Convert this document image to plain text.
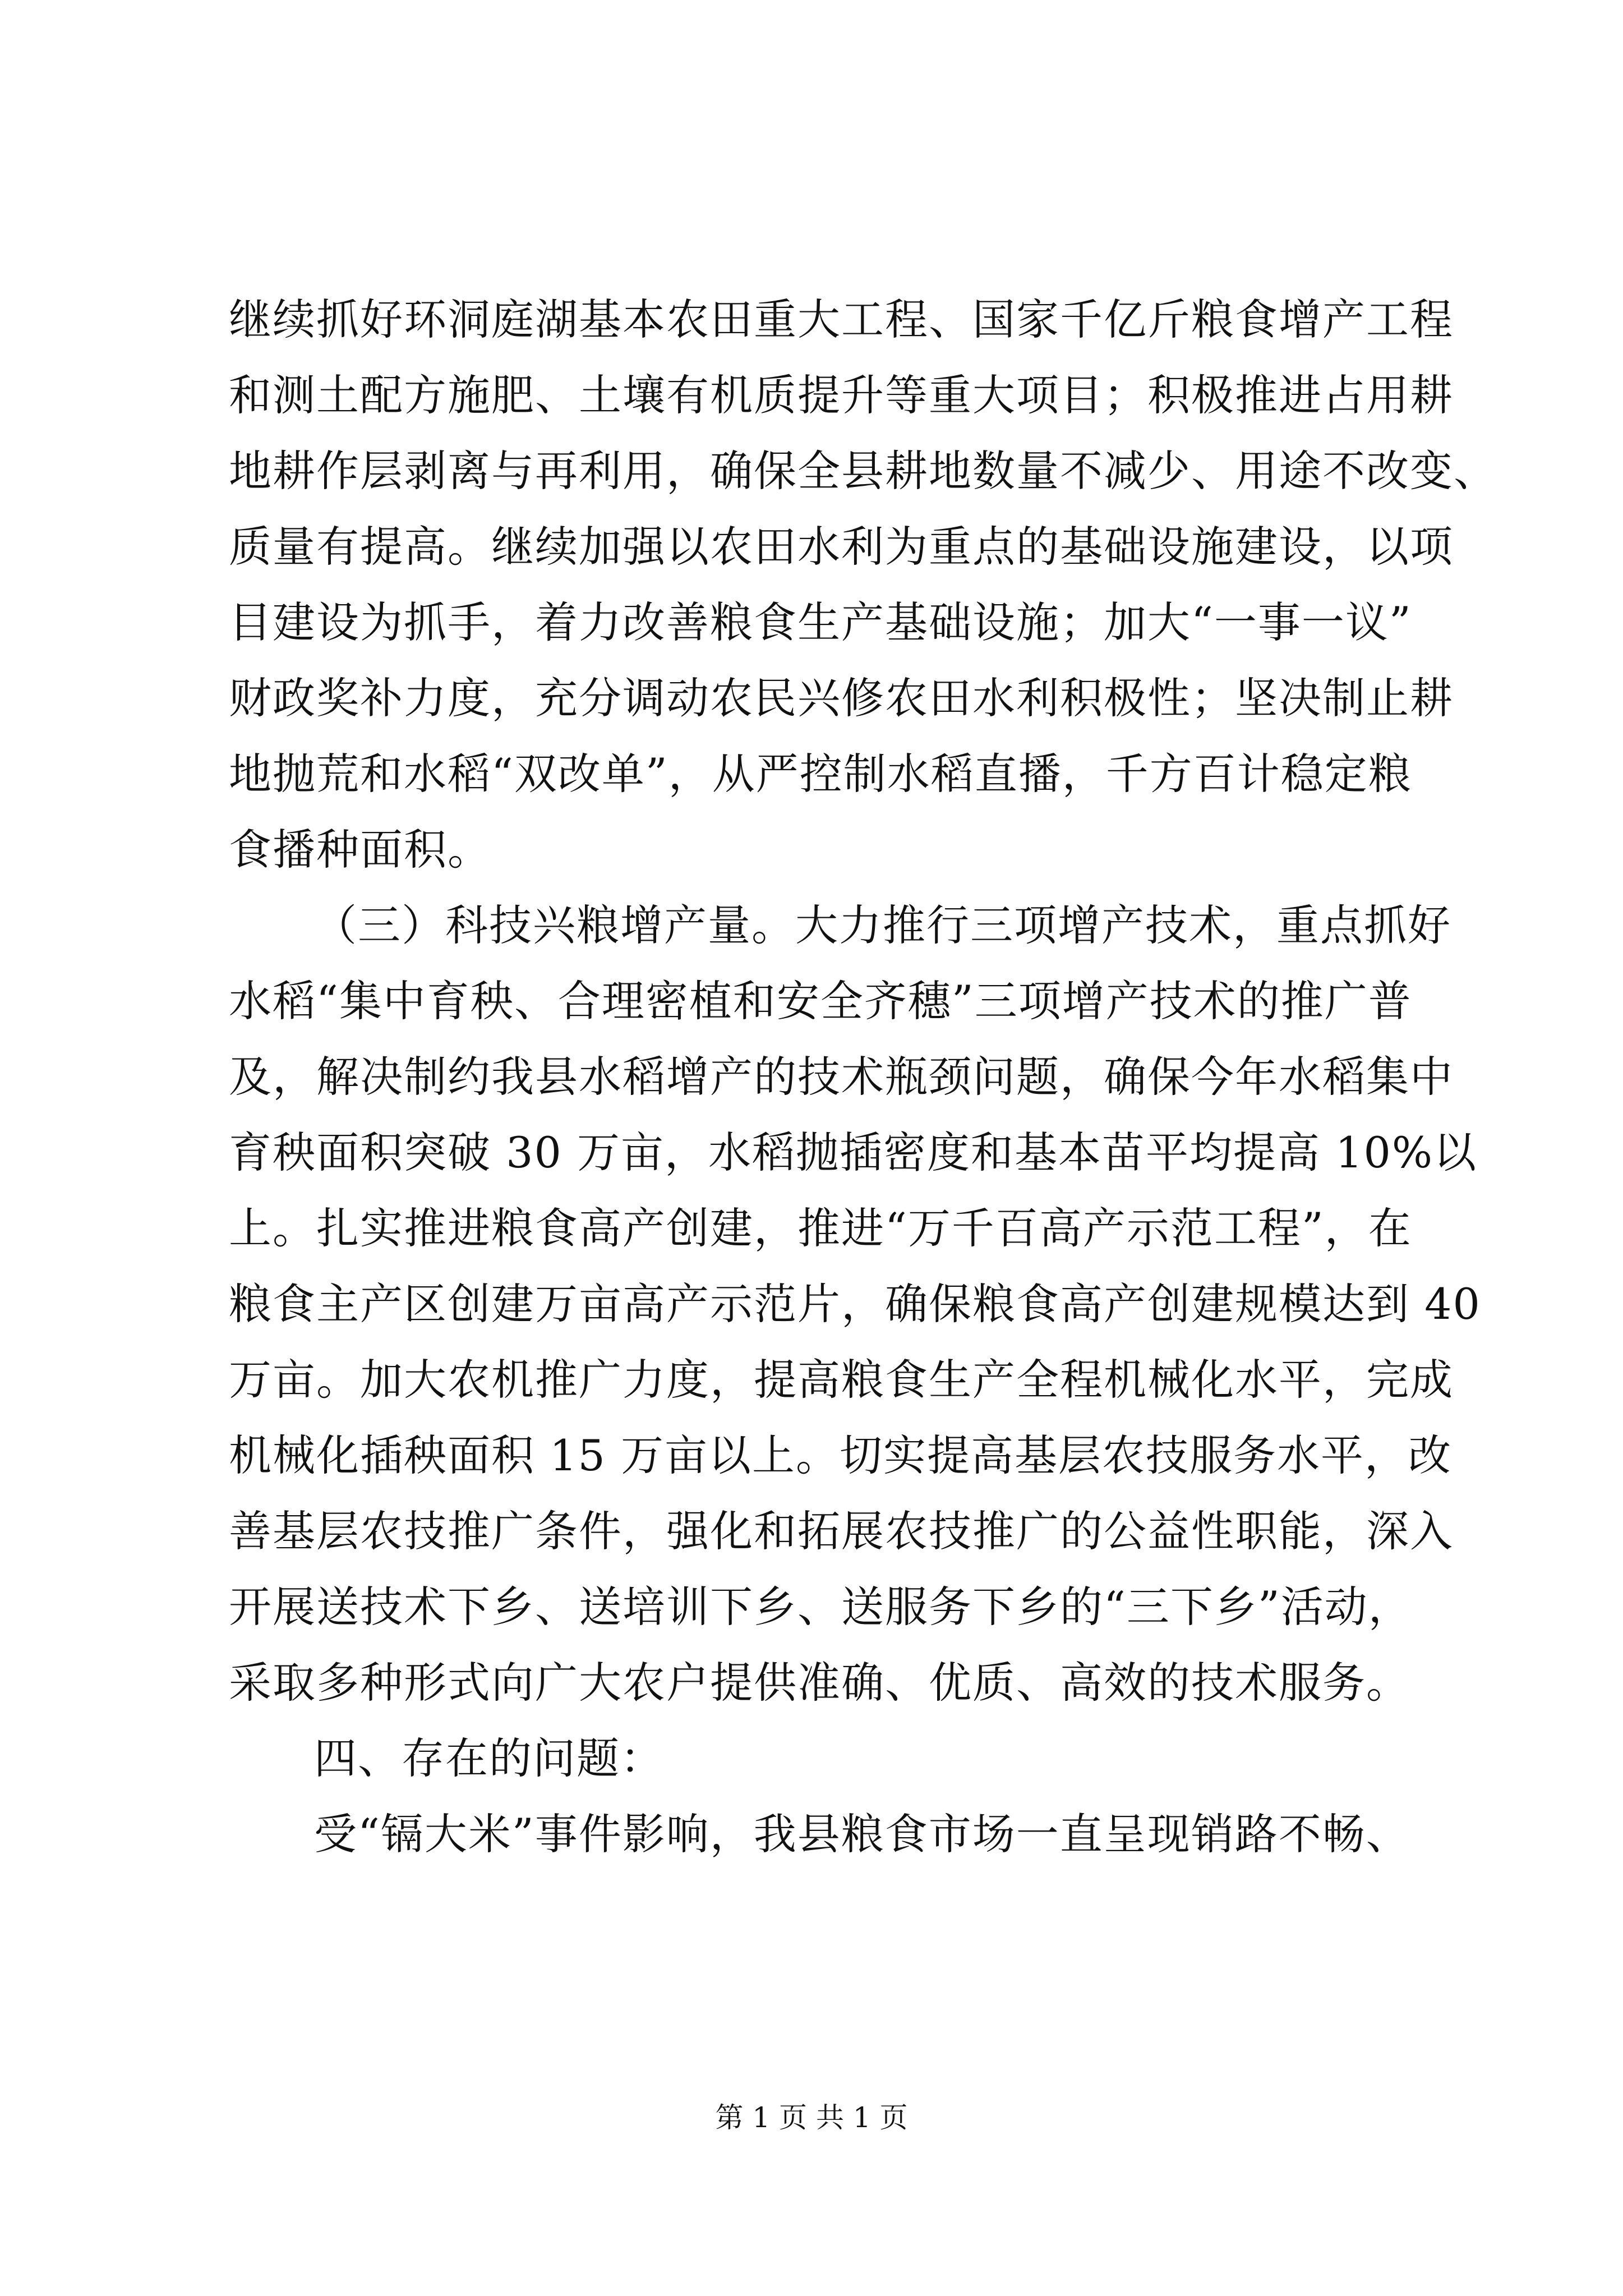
继续抓好环洞庭湖基本农田重大工程、国家千亿斤粮食增产工程
和测土配方施肥、土壤有机质提升等重大项目；积极推进占用耕
地耕作层剥离与再利用，确保全县耕地数量不减少、用途不改变、
质量有提高。继续加强以农田水利为重点的基础设施建设，以项
目建设为抓手，着力改善粮食生产基础设施；加大“一事一议”
财政奖补力度，充分调动农民兴修农田水利积极性；坚决制止耕
地抛荒和水稻“双改单”，从严控制水稻直播，千方百计稳定粮
食播种面积。
（三）科技兴粮增产量。大力推行三项增产技术，重点抓好
水稻“集中育秧、合理密植和安全齐穗”三项增产技术的推广普
及，解决制约我县水稻增产的技术瓶颈问题，确保今年水稻集中
育秧面积突破 30 万亩，水稻抛插密度和基本苗平均提高 10%以
上。扎实推进粮食高产创建，推进“万千百高产示范工程”，在
粮食主产区创建万亩高产示范片，确保粮食高产创建规模达到 40
万亩。加大农机推广力度，提高粮食生产全程机械化水平，完成
机械化插秧面积 15 万亩以上。切实提高基层农技服务水平，改
善基层农技推广条件，强化和拓展农技推广的公益性职能，深入
开展送技术下乡、送培训下乡、送服务下乡的“三下乡”活动，
采取多种形式向广大农户提供准确、优质、高效的技术服务。
四、存在的问题：
受“镉大米”事件影响，我县粮食市场一直呈现销路不畅、
第 1 页 共 1 页
